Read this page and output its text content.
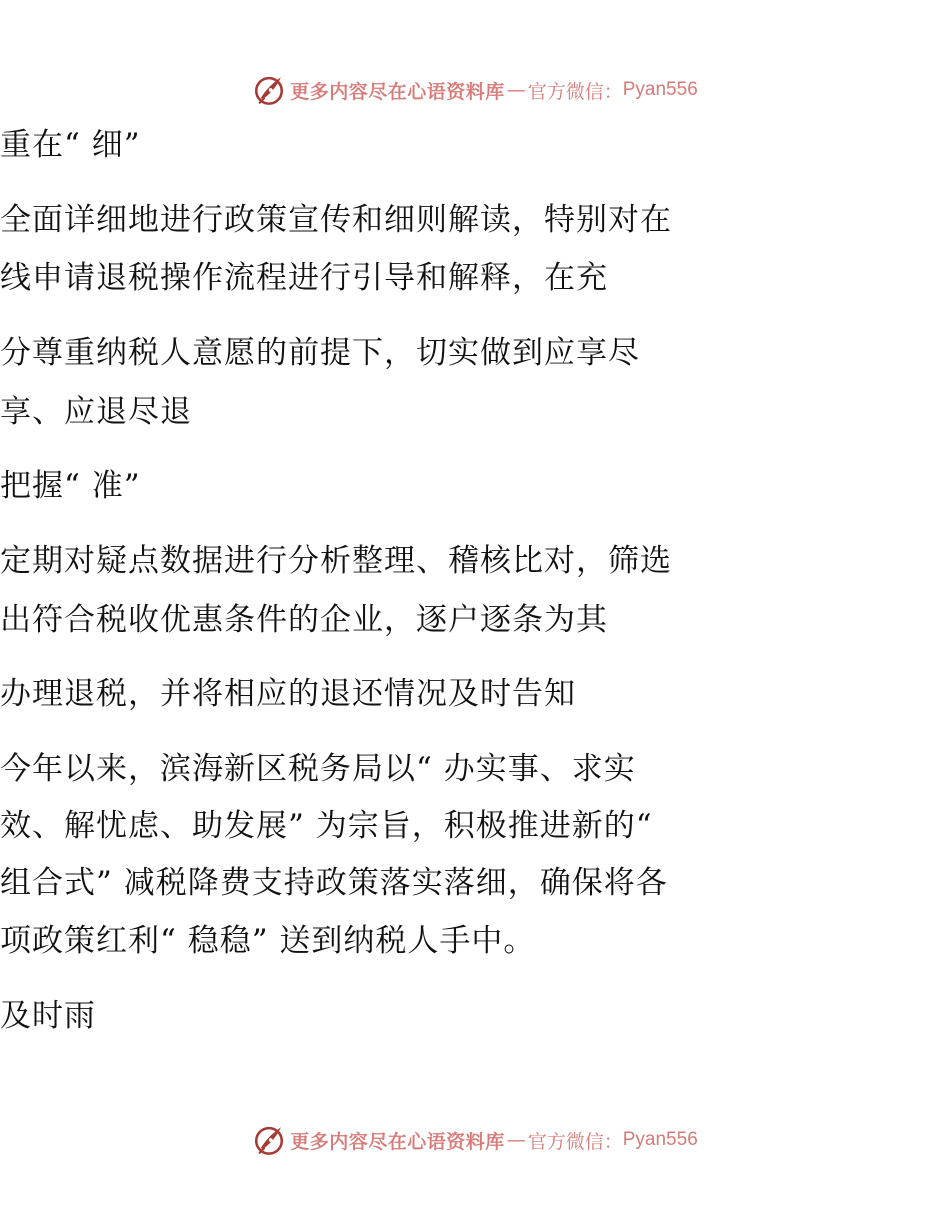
更多内容尽在心语资料库 — 官方微信： Pyan556

重在“ 细”

全面详细地进行政策宣传和细则解读，特别对在

线申请退税操作流程进行引导和解释，在充

分尊重纳税人意愿的前提下，切实做到应享尽

享、应退尽退

把握“ 准”

定期对疑点数据进行分析整理、稽核比对，筛选

出符合税收优惠条件的企业，逐户逐条为其

办理退税，并将相应的退还情况及时告知

今年以来，滨海新区税务局以“ 办实事、求实

效、解忧虑、助发展” 为宗旨，积极推进新的“

组合式” 减税降费支持政策落实落细，确保将各

项政策红利“ 稳稳” 送到纳税人手中。

及时雨

更多内容尽在心语资料库 — 官方微信： Pyan556
